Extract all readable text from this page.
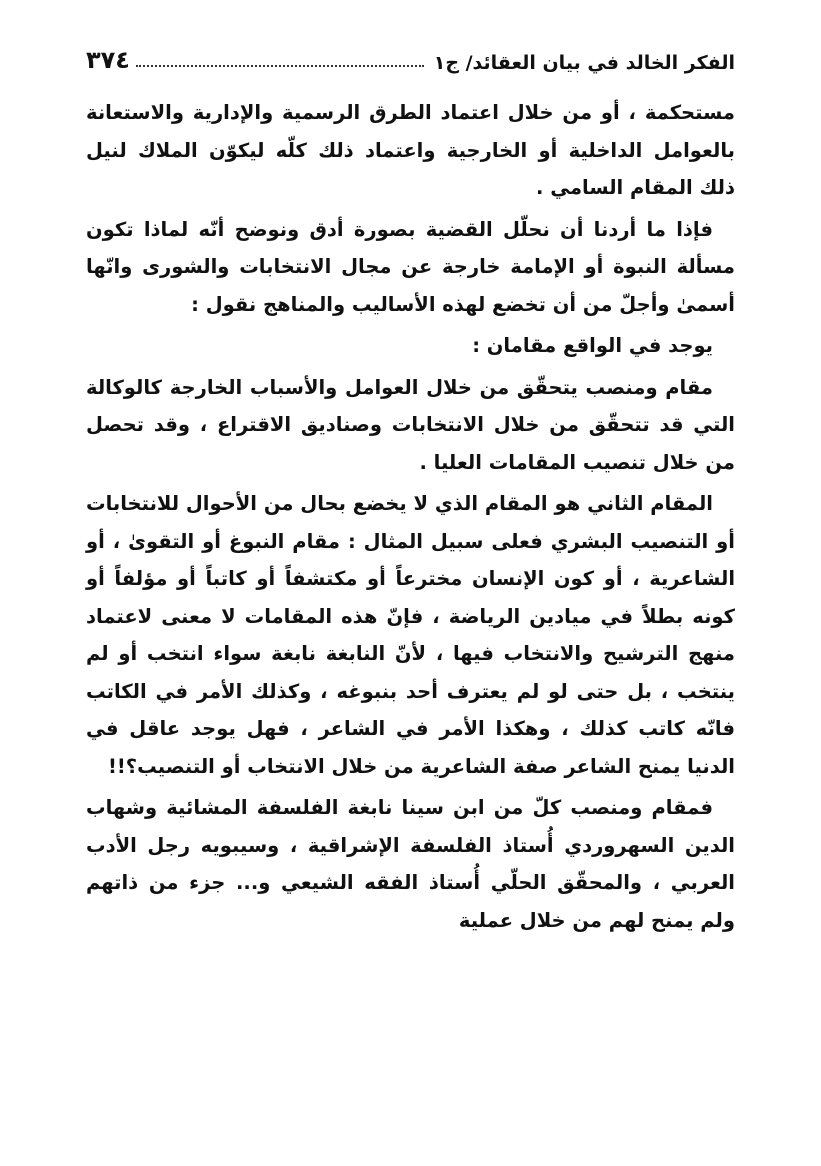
الفكر الخالد في بيان العقائد/ ج١
٣٧٤

مستحكمة ، أو من خلال اعتماد الطرق الرسمية والإدارية والاستعانة بالعوامل الداخلية أو الخارجية واعتماد ذلك كلّه ليكوّن الملاك لنيل ذلك المقام السامي .

فإذا ما أردنا أن نحلّل القضية بصورة أدق ونوضح أنّه لماذا تكون مسألة النبوة أو الإمامة خارجة عن مجال الانتخابات والشورى وانّها أسمىٰ وأجلّ من أن تخضع لهذه الأساليب والمناهج نقول :

يوجد في الواقع مقامان :

مقام ومنصب يتحقّق من خلال العوامل والأسباب الخارجة كالوكالة التي قد تتحقّق من خلال الانتخابات وصناديق الاقتراع ، وقد تحصل من خلال تنصيب المقامات العليا .

المقام الثاني هو المقام الذي لا يخضع بحال من الأحوال للانتخابات أو التنصيب البشري فعلى سبيل المثال : مقام النبوغ أو التقوىٰ ، أو الشاعرية ، أو كون الإنسان مخترعاً أو مكتشفاً أو كاتباً أو مؤلفاً أو كونه بطلاً في ميادين الرياضة ، فإنّ هذه المقامات لا معنى لاعتماد منهج الترشيح والانتخاب فيها ، لأنّ النابغة نابغة سواء انتخب أو لم ينتخب ، بل حتى لو لم يعترف أحد بنبوغه ، وكذلك الأمر في الكاتب فانّه كاتب كذلك ، وهكذا الأمر في الشاعر ، فهل يوجد عاقل في الدنيا يمنح الشاعر صفة الشاعرية من خلال الانتخاب أو التنصيب؟!!

فمقام ومنصب كلّ من ابن سينا نابغة الفلسفة المشائية وشهاب الدين السهروردي أُستاذ الفلسفة الإشراقية ، وسيبويه رجل الأدب العربي ، والمحقّق الحلّي أُستاذ الفقه الشيعي و... جزء من ذاتهم ولم يمنح لهم من خلال عملية
